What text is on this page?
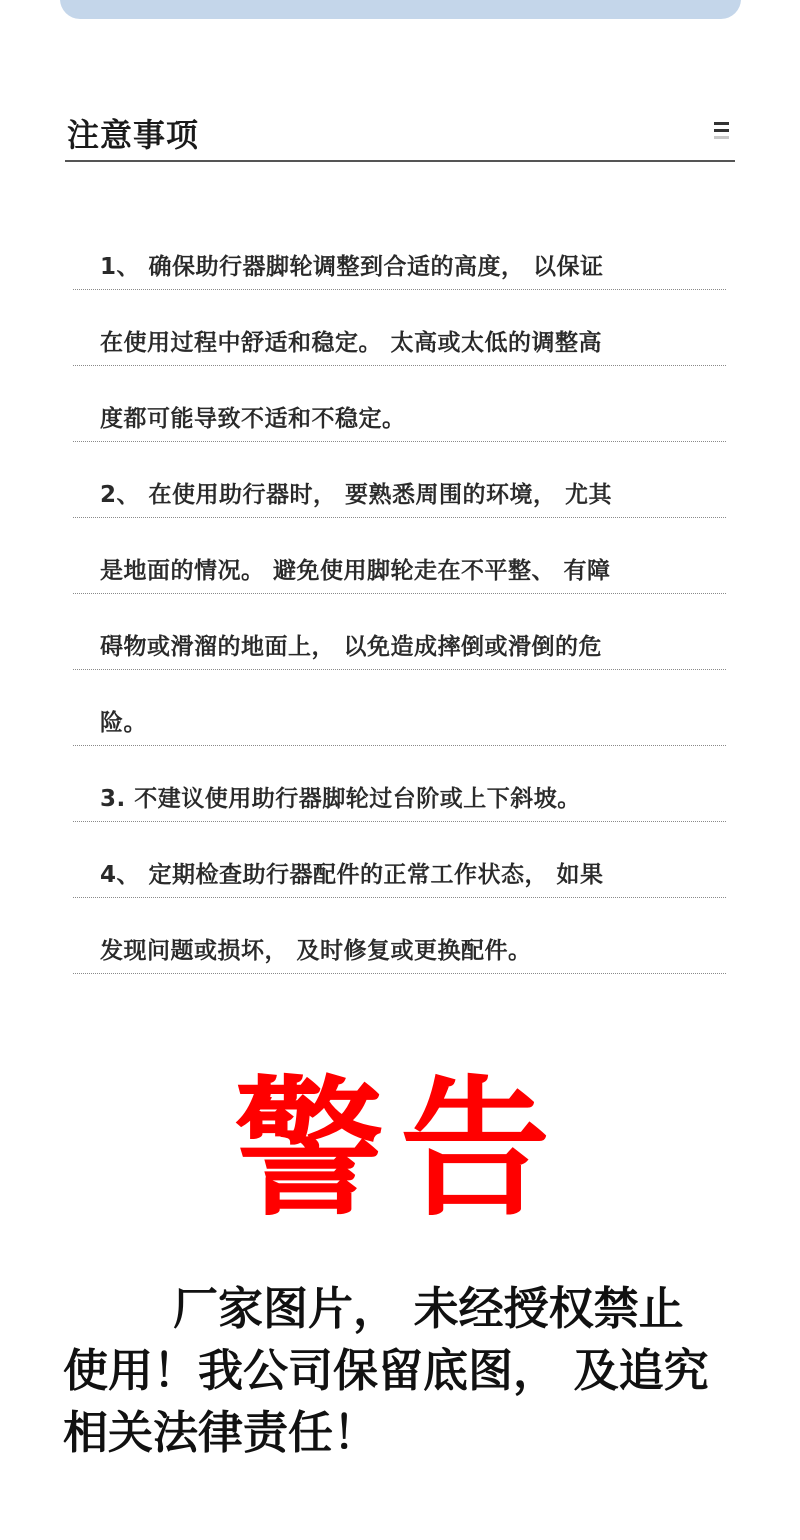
注意事项
1、 确保助行器脚轮调整到合适的高度， 以保证
在使用过程中舒适和稳定。 太高或太低的调整高
度都可能导致不适和不稳定。
2、 在使用助行器时， 要熟悉周围的环境， 尤其
是地面的情况。 避免使用脚轮走在不平整、 有障
碍物或滑溜的地面上， 以免造成摔倒或滑倒的危
险。
3. 不建议使用助行器脚轮过台阶或上下斜坡。
4、 定期检查助行器配件的正常工作状态， 如果
发现问题或损坏， 及时修复或更换配件。
警告

厂家图片， 未经授权禁止
使用！我公司保留底图， 及追究
相关法律责任！
